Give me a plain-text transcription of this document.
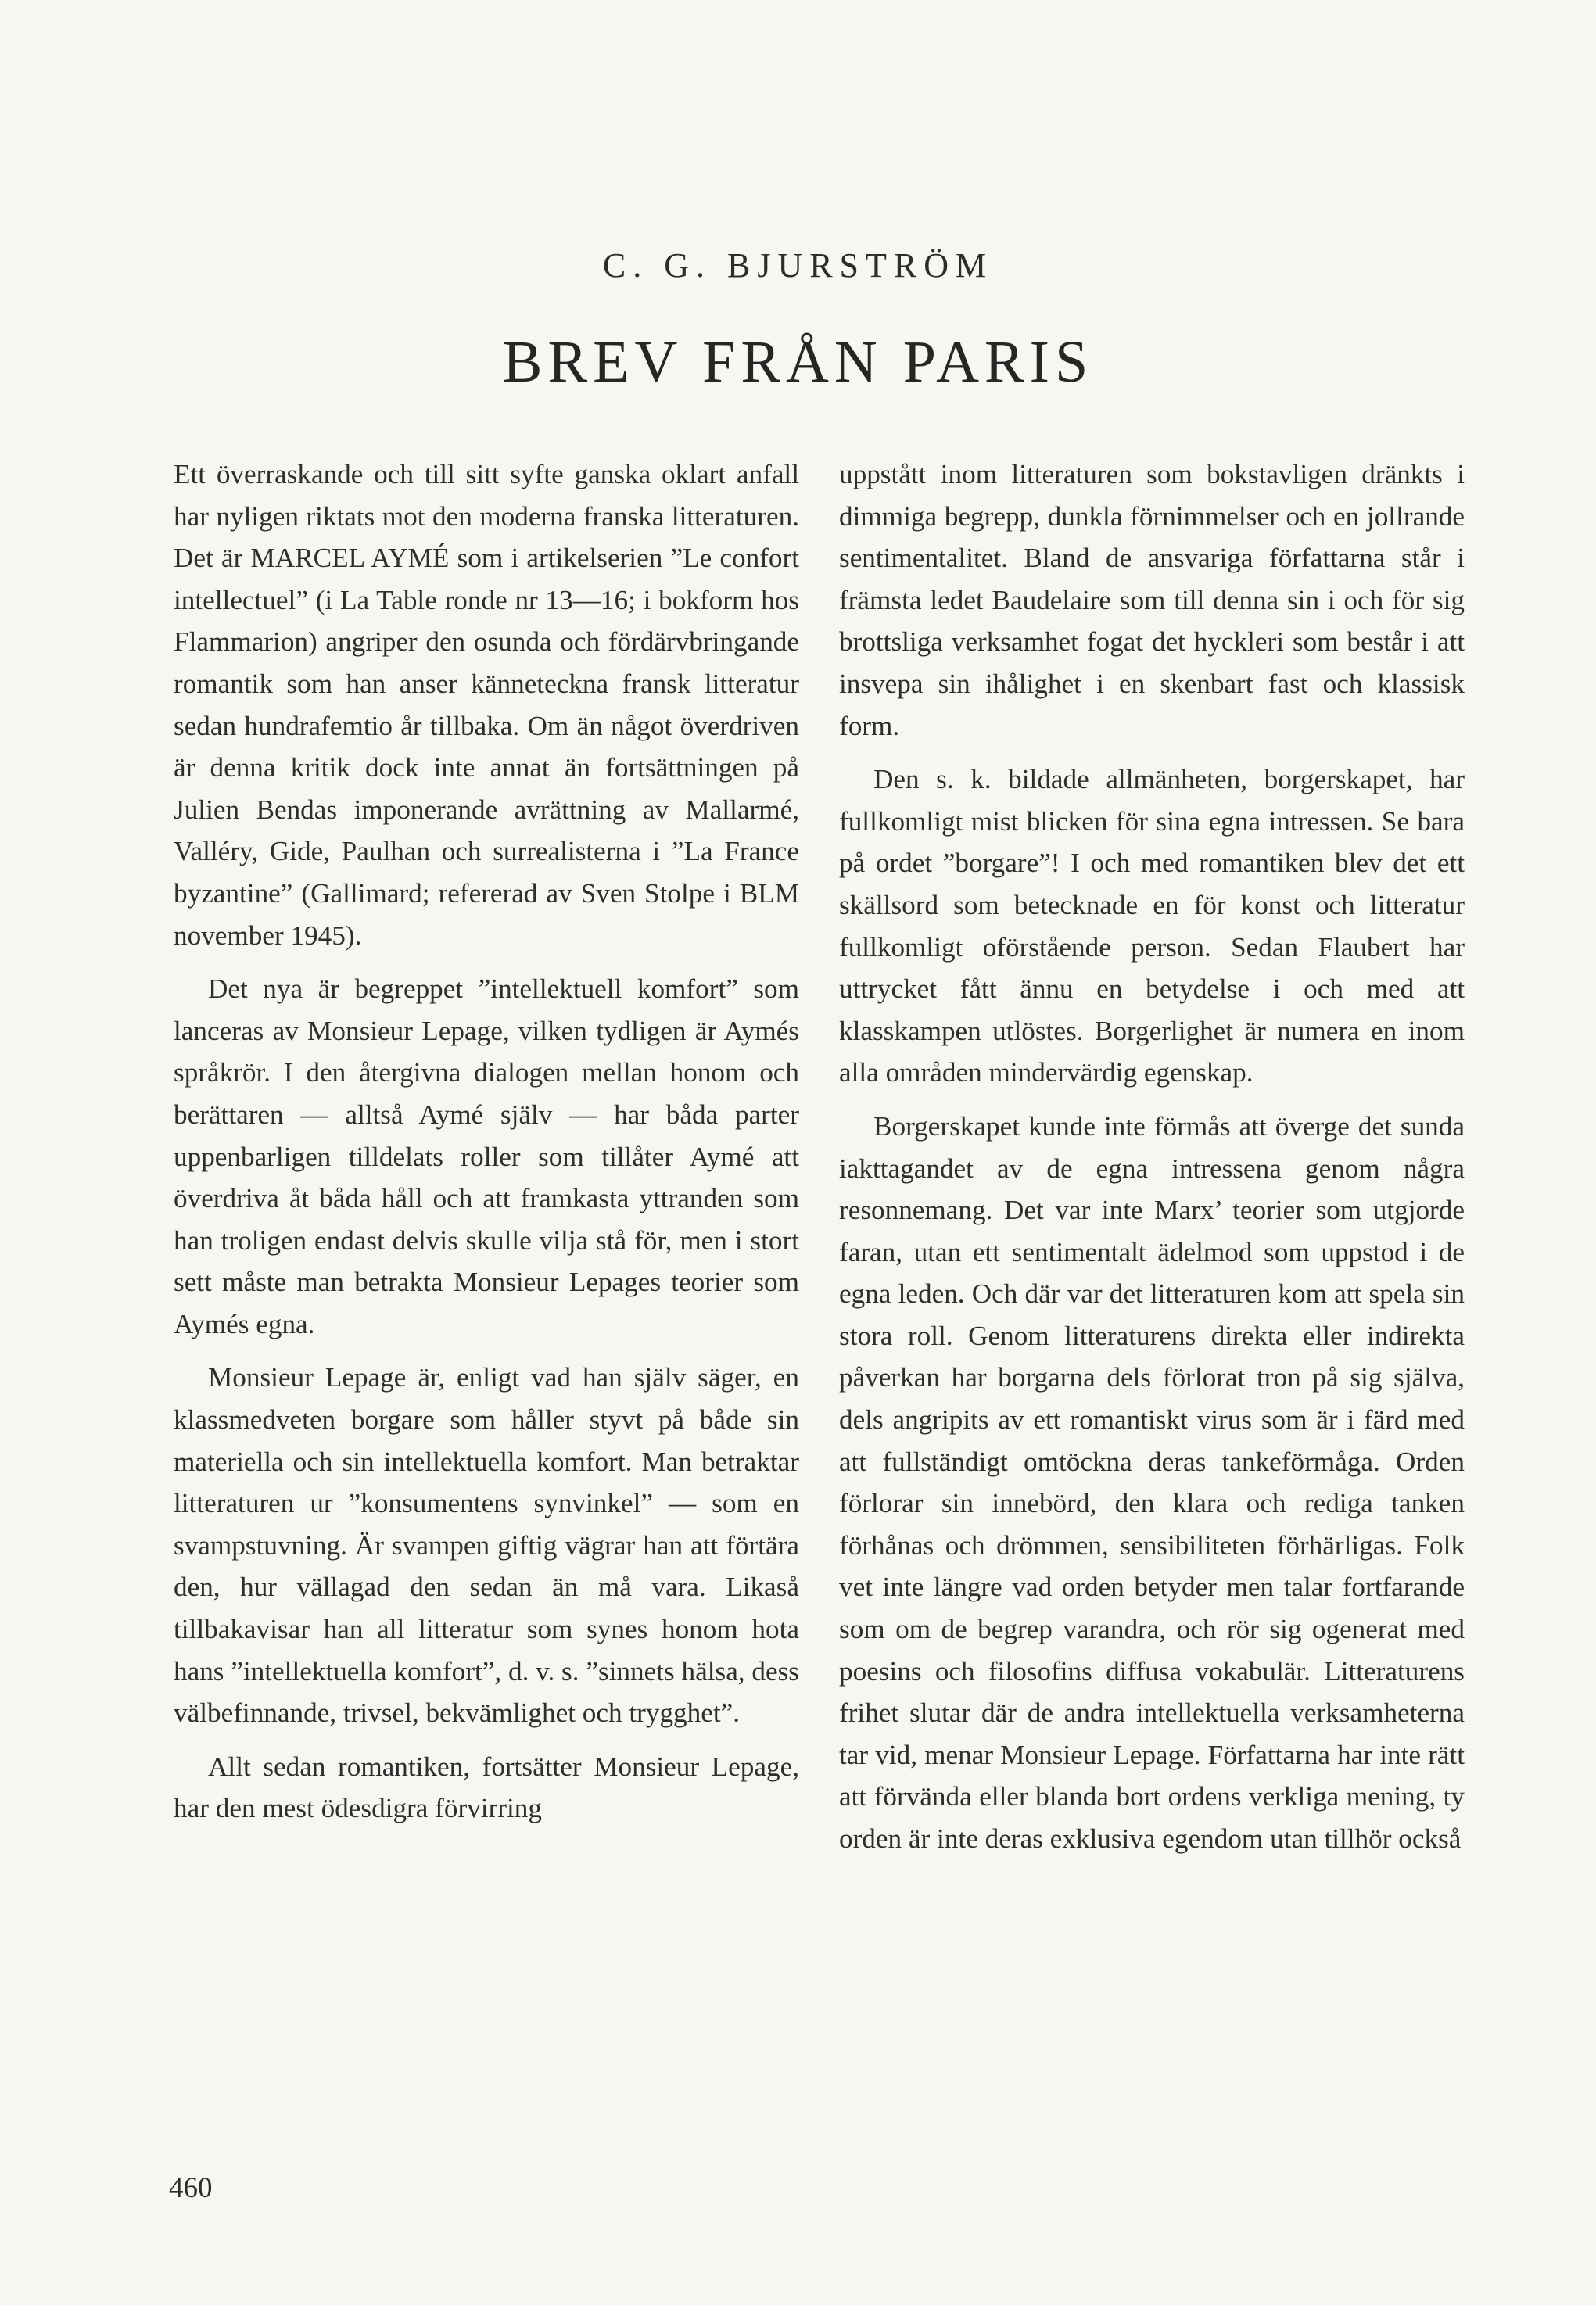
C. G. BJURSTRÖM
BREV FRÅN PARIS

Ett överraskande och till sitt syfte ganska oklart anfall har nyligen riktats mot den moderna franska litteraturen. Det är MARCEL AYMÉ som i artikelserien ”Le confort intellectuel” (i La Table ronde nr 13—16; i bokform hos Flammarion) angriper den osunda och fördärvbringande romantik som han anser känneteckna fransk litteratur sedan hundrafemtio år tillbaka. Om än något överdriven är denna kritik dock inte annat än fortsättningen på Julien Bendas imponerande avrättning av Mallarmé, Valléry, Gide, Paulhan och surrealisterna i ”La France byzantine” (Gallimard; refererad av Sven Stolpe i BLM november 1945).

Det nya är begreppet ”intellektuell komfort” som lanceras av Monsieur Lepage, vilken tydligen är Aymés språkrör. I den återgivna dialogen mellan honom och berättaren — alltså Aymé själv — har båda parter uppenbarligen tilldelats roller som tillåter Aymé att överdriva åt båda håll och att framkasta yttranden som han troligen endast delvis skulle vilja stå för, men i stort sett måste man betrakta Monsieur Lepages teorier som Aymés egna.

Monsieur Lepage är, enligt vad han själv säger, en klassmedveten borgare som håller styvt på både sin materiella och sin intellektuella komfort. Man betraktar litteraturen ur ”konsumentens synvinkel” — som en svampstuvning. Är svampen giftig vägrar han att förtära den, hur vällagad den sedan än må vara. Likaså tillbakavisar han all litteratur som synes honom hota hans ”intellektuella komfort”, d. v. s. ”sinnets hälsa, dess välbefinnande, trivsel, bekvämlighet och trygghet”.

Allt sedan romantiken, fortsätter Monsieur Lepage, har den mest ödesdigra förvirring

uppstått inom litteraturen som bokstavligen dränkts i dimmiga begrepp, dunkla förnimmelser och en jollrande sentimentalitet. Bland de ansvariga författarna står i främsta ledet Baudelaire som till denna sin i och för sig brottsliga verksamhet fogat det hyckleri som består i att insvepa sin ihålighet i en skenbart fast och klassisk form.

Den s. k. bildade allmänheten, borgerskapet, har fullkomligt mist blicken för sina egna intressen. Se bara på ordet ”borgare”! I och med romantiken blev det ett skällsord som betecknade en för konst och litteratur fullkomligt oförstående person. Sedan Flaubert har uttrycket fått ännu en betydelse i och med att klasskampen utlöstes. Borgerlighet är numera en inom alla områden mindervärdig egenskap.

Borgerskapet kunde inte förmås att överge det sunda iakttagandet av de egna intressena genom några resonnemang. Det var inte Marx’ teorier som utgjorde faran, utan ett sentimentalt ädelmod som uppstod i de egna leden. Och där var det litteraturen kom att spela sin stora roll. Genom litteraturens direkta eller indirekta påverkan har borgarna dels förlorat tron på sig själva, dels angripits av ett romantiskt virus som är i färd med att fullständigt omtöckna deras tankeförmåga. Orden förlorar sin innebörd, den klara och rediga tanken förhånas och drömmen, sensibiliteten förhärligas. Folk vet inte längre vad orden betyder men talar fortfarande som om de begrep varandra, och rör sig ogenerat med poesins och filosofins diffusa vokabulär. Litteraturens frihet slutar där de andra intellektuella verksamheterna tar vid, menar Monsieur Lepage. Författarna har inte rätt att förvända eller blanda bort ordens verkliga mening, ty orden är inte deras exklusiva egendom utan tillhör också

460
